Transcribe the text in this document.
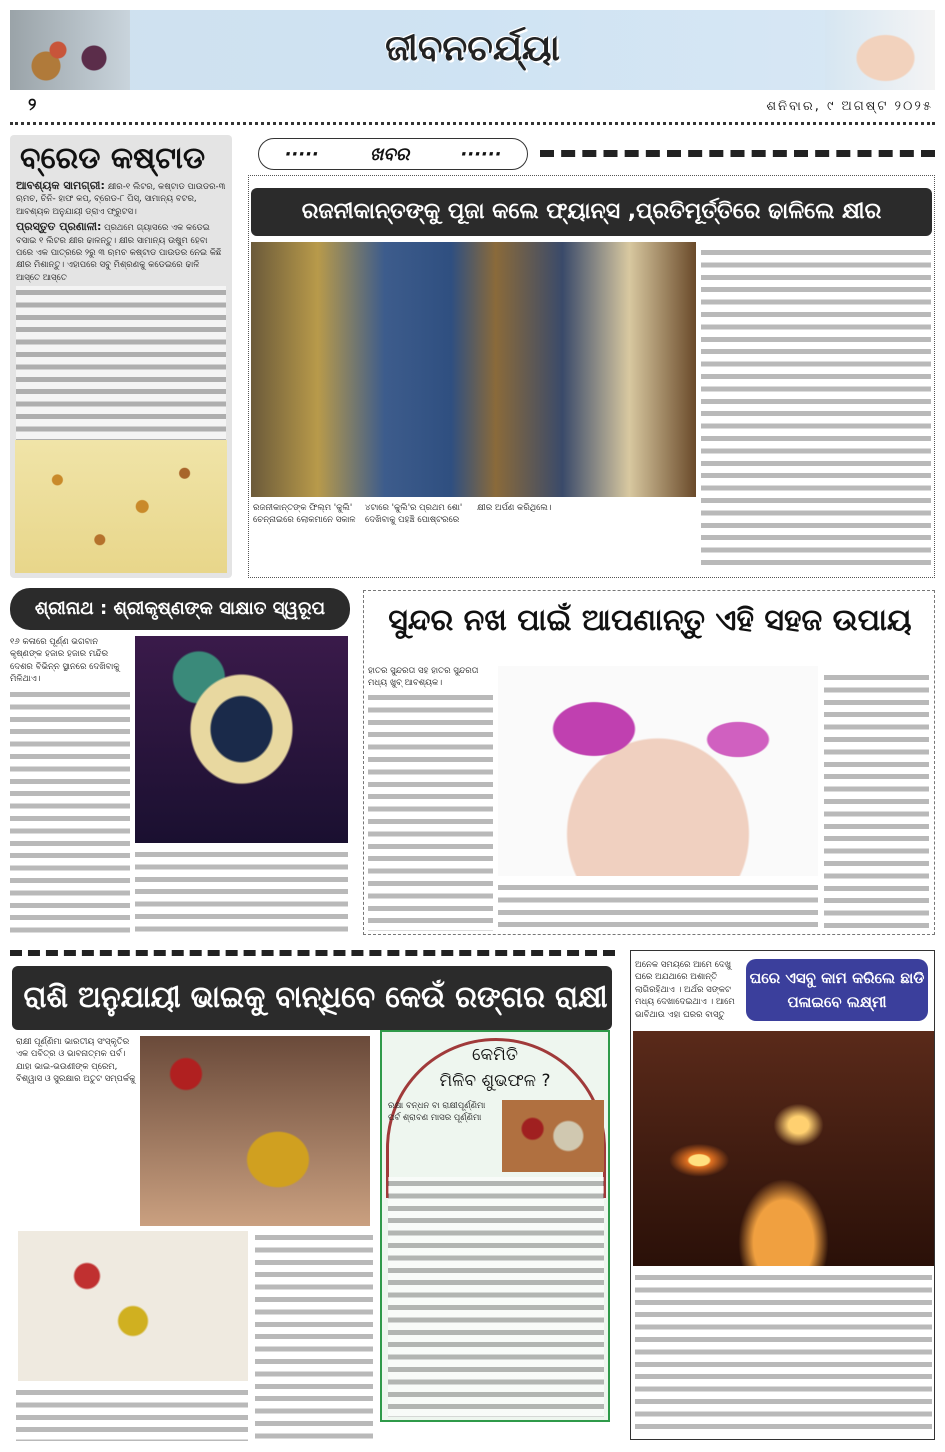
ଜୀବନଚର୍ଯ୍ୟା
୨	ଶନିବାର, ୯ ଅଗଷ୍ଟ ୨୦୨୫
ବ୍ରେଡ କଷ୍ଟାଡ
ଆବଶ୍ୟକ ସାମଗ୍ରୀ: କ୍ଷୀର-୧ ଲିଟର, କଷ୍ଟାଡ ପାଉଡର-୩ ଋମଚ, ଚିନି- ହାଫ କପ୍, ବ୍ରେଡ-୮ ପିସ୍, ସାମାନ୍ୟ ବଟର, ଆବଶ୍ୟକ ଅନୁଯାୟୀ ଡ୍ରାଏ ଫ୍ରୁଟସ।
ପ୍ରସ୍ତୁତ ପ୍ରଣାଳୀ: ପ୍ରଥମେ ଗ୍ୟାସରେ ଏକ କଡେଇ ବସାଇ ୧ ଲିଟର କ୍ଷୀର ଢାଳନ୍ତୁ। କ୍ଷୀର ସାମାନ୍ୟ ଉଷୁମ ହେବା ପରେ ଏକ ପାତ୍ରରେ ୨ରୁ ୩ ଋମଚ କଷ୍ଟାଡ ପାଉଡର ନେଇ କିଛି କ୍ଷୀର ମିଶାନ୍ତୁ। ଏହାପରେ ସବୁ ମିଶ୍ରଣକୁ କଡେଇରେ ଢାଳି ଆସ୍ତେ ଆସ୍ତେ
·····	ଖବର	······
ରଜନୀକାନ୍ତଙ୍କୁ ପୂଜା କଲେ ଫ୍ୟାନ୍ସ ,ପ୍ରତିମୂର୍ତ୍ତିରେ ଢାଳିଲେ କ୍ଷୀର
ରଜନୀକାନ୍ତଙ୍କ ଫିଲ୍ମ 'କୁଲି' ଚେନ୍ନାଇରେ ଲୋକମାନେ ସକାଳ ୪ଟାରେ 'କୁଲି'ର ପ୍ରଥମ ଶୋ' ଦେଖିବାକୁ ପହଞ୍ଚି ପୋଷ୍ଟରରେ କ୍ଷୀର ଅର୍ପଣ କରିଥିଲେ।
ଶ୍ରୀନାଥ : ଶ୍ରୀକୃଷ୍ଣଙ୍କ ସାକ୍ଷାତ ସ୍ୱରୂପ
୧୬ କଳାରେ ପୂର୍ଣ୍ଣ ଭଗବାନ କୃଷ୍ଣଙ୍କ ହଜାର ହଜାର ମନ୍ଦିର ଦେଶର ବିଭିନ୍ନ ସ୍ଥାନରେ ଦେଖିବାକୁ ମିଳିଥାଏ।
ସୁନ୍ଦର ନଖ ପାଇଁ ଆପଣାନ୍ତୁ ଏହି ସହଜ ଉପାୟ
ହାତର ସୁନ୍ଦରତା ସହ ହାତର ସୁନ୍ଦରତା ମଧ୍ୟ ଖୁବ୍ ଆବଶ୍ୟକ।
ରାଶି ଅନୁଯାୟୀ ଭାଇକୁ ବାନ୍ଧିବେ କେଉଁ ରଙ୍ଗର ରାକ୍ଷୀ
ରାକ୍ଷୀ ପୂର୍ଣ୍ଣିମା ଭାରତୀୟ ସଂସ୍କୃତିର ଏକ ପବିତ୍ର ଓ ଭାବନାତ୍ମକ ପର୍ବ। ଯାହା ଭାଇ-ଭଉଣୀଙ୍କ ପ୍ରେମ, ବିଶ୍ୱାସ ଓ ସୁରକ୍ଷାର ଅତୁଟ ସମ୍ପର୍କକୁ
କେମିତି
ମିଳିବ ଶୁଭଫଳ ?
ରକ୍ଷା ବନ୍ଧନ ବା ରାକ୍ଷୀପୂର୍ଣ୍ଣିମା ପର୍ବ ଶ୍ରାବଣ ମାସର ପୂର୍ଣ୍ଣିମା
ଅନେକ ସମୟରେ ଆମେ ଦେଖୁ ଘରେ ଅଯଥାରେ ଅଶାନ୍ତି ଲାଗିରହିଥାଏ । ଅର୍ଥର ସଙ୍କଟ ମଧ୍ୟ ଦେଖାଦେଇଥାଏ । ଆମେ ଭାବିଥାଉ ଏହା ଘରର ବାସ୍ତୁ
ଘରେ ଏସବୁ କାମ କରିଲେ ଛାଡି ପଳାଇବେ ଲକ୍ଷ୍ମୀ
